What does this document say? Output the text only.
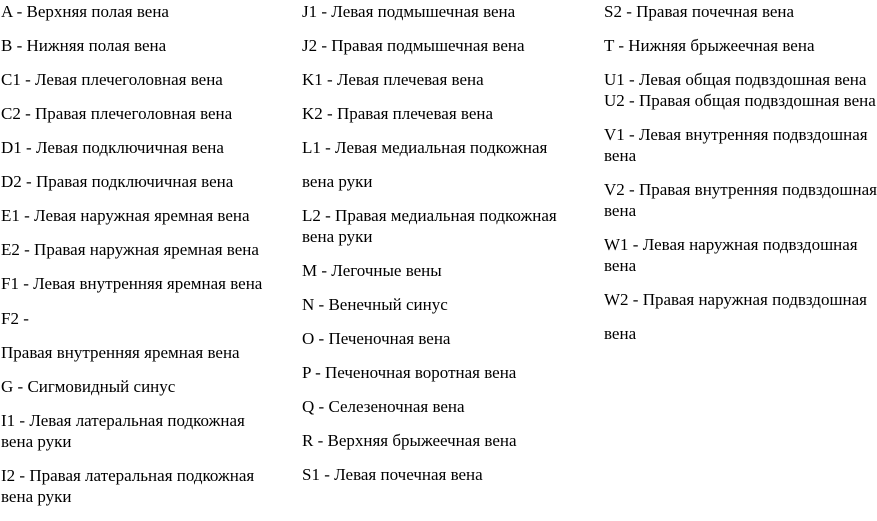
A - Верхняя полая вена
B - Нижняя полая вена
C1 - Левая плечеголовная вена
C2 - Правая плечеголовная вена
D1 - Левая подключичная вена
D2 - Правая подключичная вена
E1 - Левая наружная яремная вена
E2 - Правая наружная яремная вена
F1 - Левая внутренняя яремная вена
F2 -
Правая внутренняя яремная вена
G - Сигмовидный синус
I1 - Левая латеральная подкожная
вена руки
I2 - Правая латеральная подкожная
вена руки
J1 - Левая подмышечная вена
J2 - Правая подмышечная вена
K1 - Левая плечевая вена
K2 - Правая плечевая вена
L1 - Левая медиальная подкожная
вена руки
L2 - Правая медиальная подкожная
вена руки
M - Легочные вены
N - Венечный синус
O - Печеночная вена
P - Печеночная воротная вена
Q - Селезеночная вена
R - Верхняя брыжеечная вена
S1 - Левая почечная вена
S2 - Правая почечная вена
T - Нижняя брыжеечная вена
U1 - Левая общая подвздошная вена
U2 - Правая общая подвздошная вена
V1 - Левая внутренняя подвздошная
вена
V2 - Правая внутренняя подвздошная
вена
W1 - Левая наружная подвздошная
вена
W2 - Правая наружная подвздошная
вена
